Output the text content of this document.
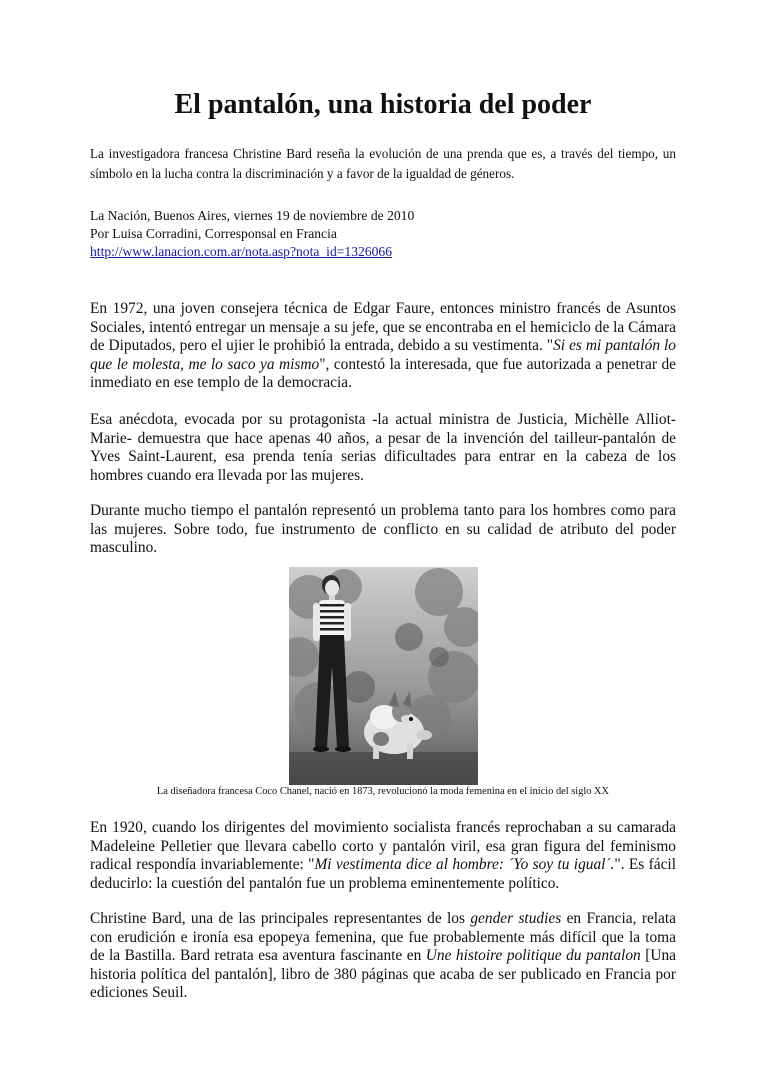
El pantalón, una historia del poder

La investigadora francesa Christine Bard reseña la evolución de una prenda que es, a través del tiempo, un símbolo en la lucha contra la discriminación y a favor de la igualdad de géneros.

La Nación, Buenos Aires, viernes 19 de noviembre de 2010
Por Luisa Corradini, Corresponsal en Francia
http://www.lanacion.com.ar/nota.asp?nota_id=1326066

En 1972, una joven consejera técnica de Edgar Faure, entonces ministro francés de Asuntos Sociales, intentó entregar un mensaje a su jefe, que se encontraba en el hemiciclo de la Cámara de Diputados, pero el ujier le prohibió la entrada, debido a su vestimenta. "Si es mi pantalón lo que le molesta, me lo saco ya mismo", contestó la interesada, que fue autorizada a penetrar de inmediato en ese templo de la democracia.

Esa anécdota, evocada por su protagonista -la actual ministra de Justicia, Michèlle Alliot-Marie- demuestra que hace apenas 40 años, a pesar de la invención del tailleur-pantalón de Yves Saint-Laurent, esa prenda tenía serias dificultades para entrar en la cabeza de los hombres cuando era llevada por las mujeres.

Durante mucho tiempo el pantalón representó un problema tanto para los hombres como para las mujeres. Sobre todo, fue instrumento de conflicto en su calidad de atributo del poder masculino.

La diseñadora francesa Coco Chanel, nació en 1873, revolucionó la moda femenina en el inicio del siglo XX

En 1920, cuando los dirigentes del movimiento socialista francés reprochaban a su camarada Madeleine Pelletier que llevara cabello corto y pantalón viril, esa gran figura del feminismo radical respondía invariablemente: "Mi vestimenta dice al hombre: ´Yo soy tu igual´.". Es fácil deducirlo: la cuestión del pantalón fue un problema eminentemente político.

Christine Bard, una de las principales representantes de los gender studies en Francia, relata con erudición e ironía esa epopeya femenina, que fue probablemente más difícil que la toma de la Bastilla. Bard retrata esa aventura fascinante en Une histoire politique du pantalon [Una historia política del pantalón], libro de 380 páginas que acaba de ser publicado en Francia por ediciones Seuil.
